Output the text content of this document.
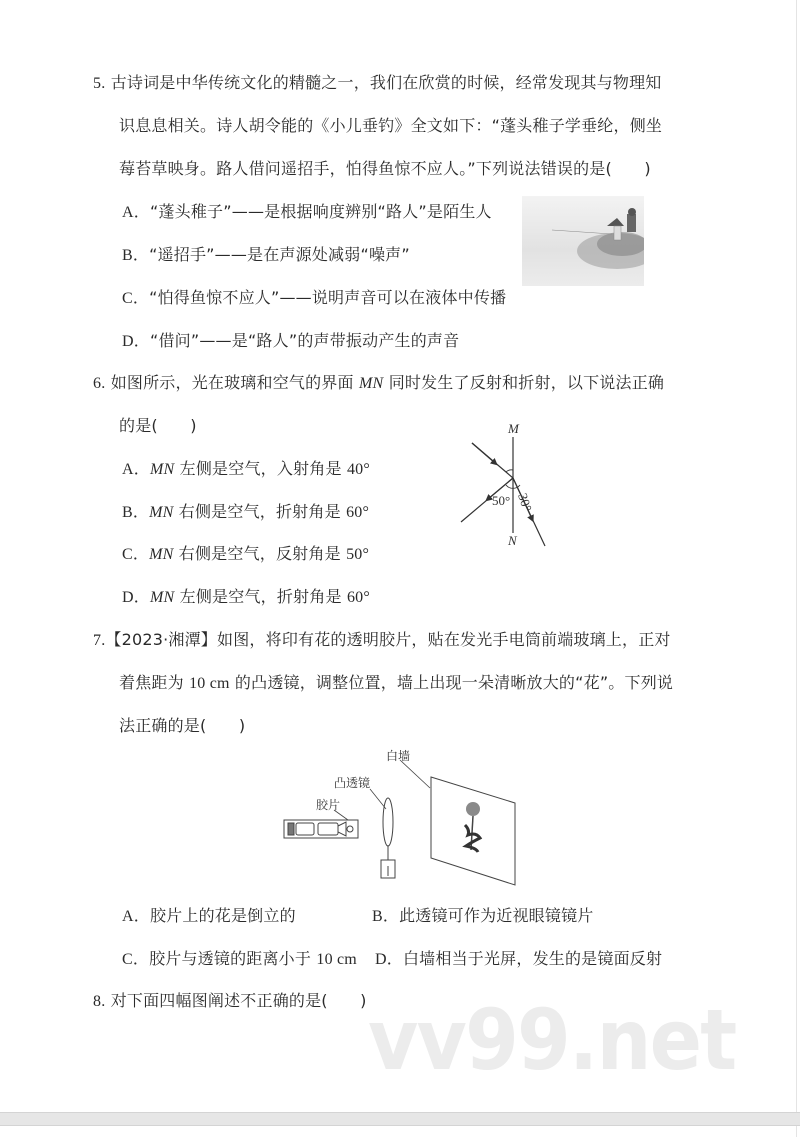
5. 古诗词是中华传统文化的精髓之一，我们在欣赏的时候，经常发现其与物理知
识息息相关。诗人胡令能的《小儿垂钓》全文如下：“蓬头稚子学垂纶，侧坐
莓苔草映身。路人借问遥招手，怕得鱼惊不应人。”下列说法错误的是(　　)
A．“蓬头稚子”——是根据响度辨别“路人”是陌生人
B．“遥招手”——是在声源处减弱“噪声”
C．“怕得鱼惊不应人”——说明声音可以在液体中传播
D．“借问”——是“路人”的声带振动产生的声音
6. 如图所示，光在玻璃和空气的界面 MN 同时发生了反射和折射，以下说法正确
的是(　　)
A．MN 左侧是空气，入射角是 40°
B．MN 右侧是空气，折射角是 60°
C．MN 右侧是空气，反射角是 50°
D．MN 左侧是空气，折射角是 60°
M
N
50° 30°
7.【2023·湘潭】如图，将印有花的透明胶片，贴在发光手电筒前端玻璃上，正对
着焦距为 10 cm 的凸透镜，调整位置，墙上出现一朵清晰放大的“花”。下列说
法正确的是(　　)
白墙
凸透镜
胶片
A．胶片上的花是倒立的	B．此透镜可作为近视眼镜镜片
C．胶片与透镜的距离小于 10 cm D．白墙相当于光屏，发生的是镜面反射
vv99.net
8. 对下面四幅图阐述不正确的是(　　)
